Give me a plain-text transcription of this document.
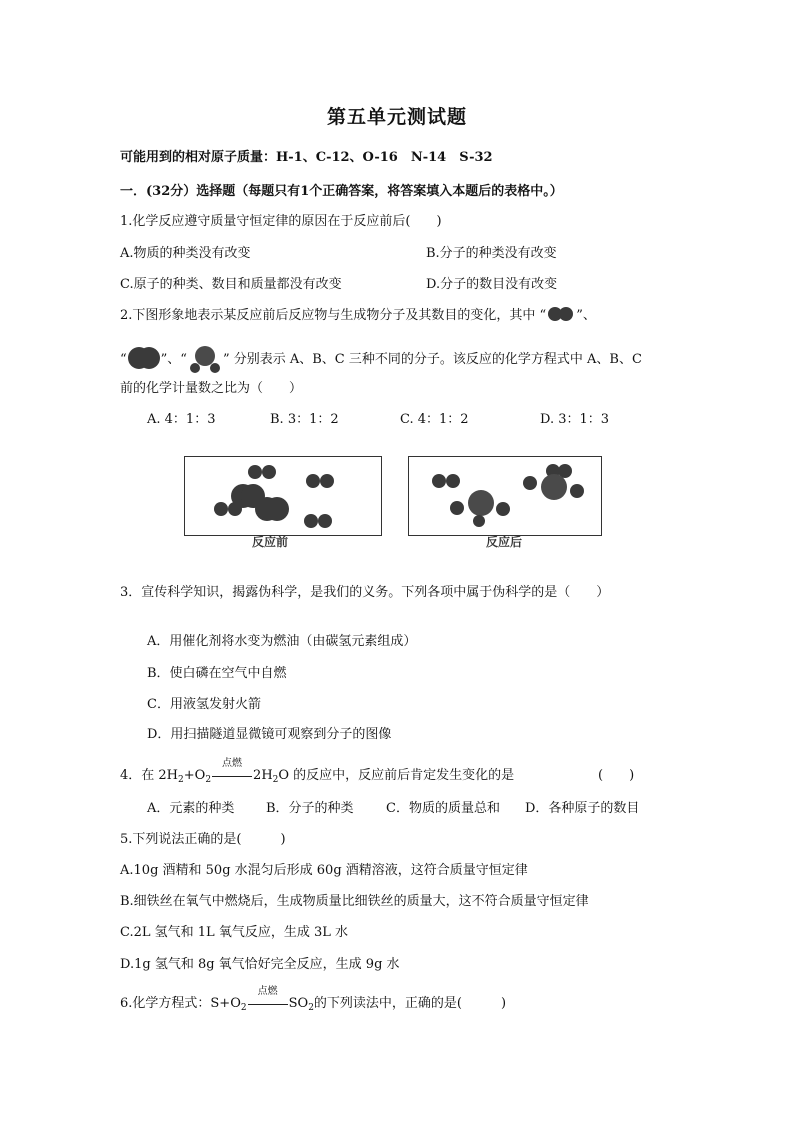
第五单元测试题
可能用到的相对原子质量：H-1、C-12、O-16　N-14　S-32
一．(32分）选择题（每题只有1个正确答案，将答案填入本题后的表格中。）
1.化学反应遵守质量守恒定律的原因在于反应前后(　　)
A.物质的种类没有改变	B.分子的种类没有改变
C.原子的种类、数目和质量都没有改变	D.分子的数目没有改变
2.下图形象地表示某反应前后反应物与生成物分子及其数目的变化，其中 “ ”、
“	”、“	” 分别表示 A、B、C 三种不同的分子。该反应的化学方程式中 A、B、C
前的化学计量数之比为（　　）
A. 4：1：3	B. 3：1：2	C. 4：1：2	D. 3：1：3
反应前	反应后
3．宣传科学知识，揭露伪科学，是我们的义务。下列各项中属于伪科学的是（　　）
A．用催化剂将水变为燃油（由碳氢元素组成）
B．使白磷在空气中自燃
C．用液氢发射火箭
D．用扫描隧道显微镜可观察到分子的图像
4．在 $2H_2+O_2$
点燃
$2H_2O$ 的反应中，反应前后肯定发生变化的是	(　　)
A．元素的种类 B．分子的种类 C．物质的质量总和 D．各种原子的数目
5.下列说法正确的是(　　　)
A.10g 酒精和 50g 水混匀后形成 60g 酒精溶液，这符合质量守恒定律
B.细铁丝在氧气中燃烧后，生成物质量比细铁丝的质量大，这不符合质量守恒定律
C.2L 氢气和 1L 氧气反应，生成 3L 水
D.1g 氢气和 8g 氧气恰好完全反应，生成 9g 水
6.化学方程式：$S+O_2$
点燃
$SO_2$的下列读法中，正确的是(　　　)
